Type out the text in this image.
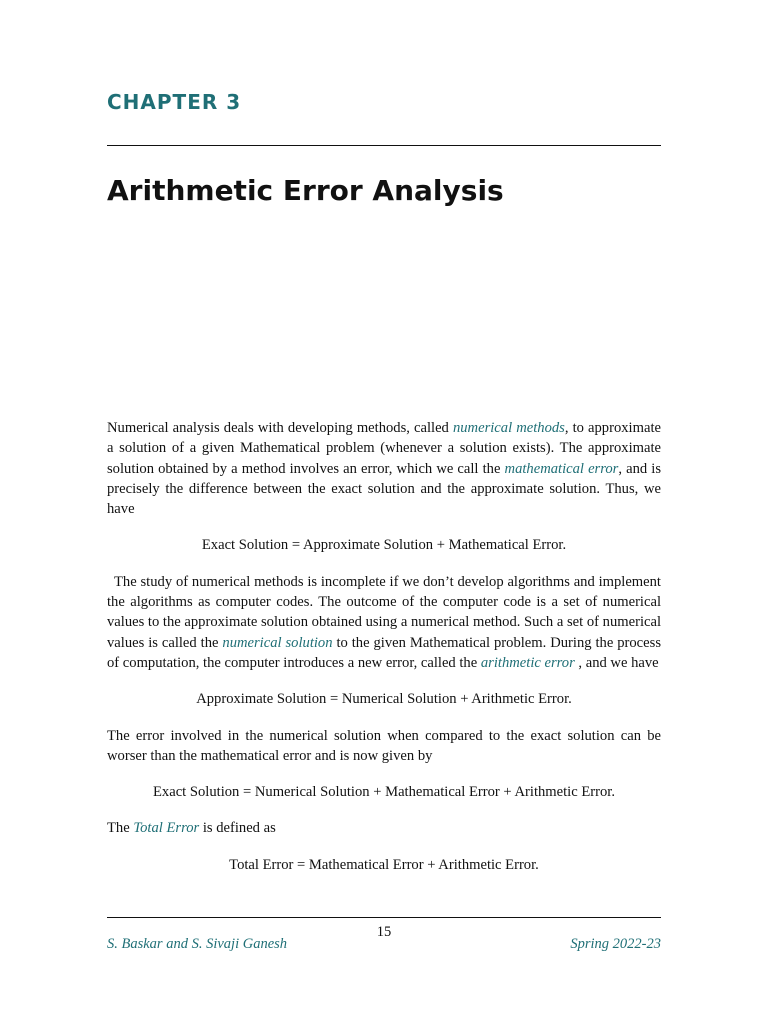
CHAPTER 3
Arithmetic Error Analysis

Numerical analysis deals with developing methods, called numerical methods, to approximate a solution of a given Mathematical problem (whenever a solution exists). The approximate solution obtained by a method involves an error, which we call the mathematical error, and is precisely the difference between the exact solution and the approximate solution. Thus, we have

Exact Solution = Approximate Solution + Mathematical Error.

The study of numerical methods is incomplete if we don’t develop algorithms and implement the algorithms as computer codes. The outcome of the computer code is a set of numerical values to the approximate solution obtained using a numerical method. Such a set of numerical values is called the numerical solution to the given Mathematical problem. During the process of computation, the computer introduces a new error, called the arithmetic error , and we have

Approximate Solution = Numerical Solution + Arithmetic Error.

The error involved in the numerical solution when compared to the exact solution can be worser than the mathematical error and is now given by

Exact Solution = Numerical Solution + Mathematical Error + Arithmetic Error.

The Total Error is defined as

Total Error = Mathematical Error + Arithmetic Error.
15
S. Baskar and S. Sivaji Ganesh	Spring 2022-23
